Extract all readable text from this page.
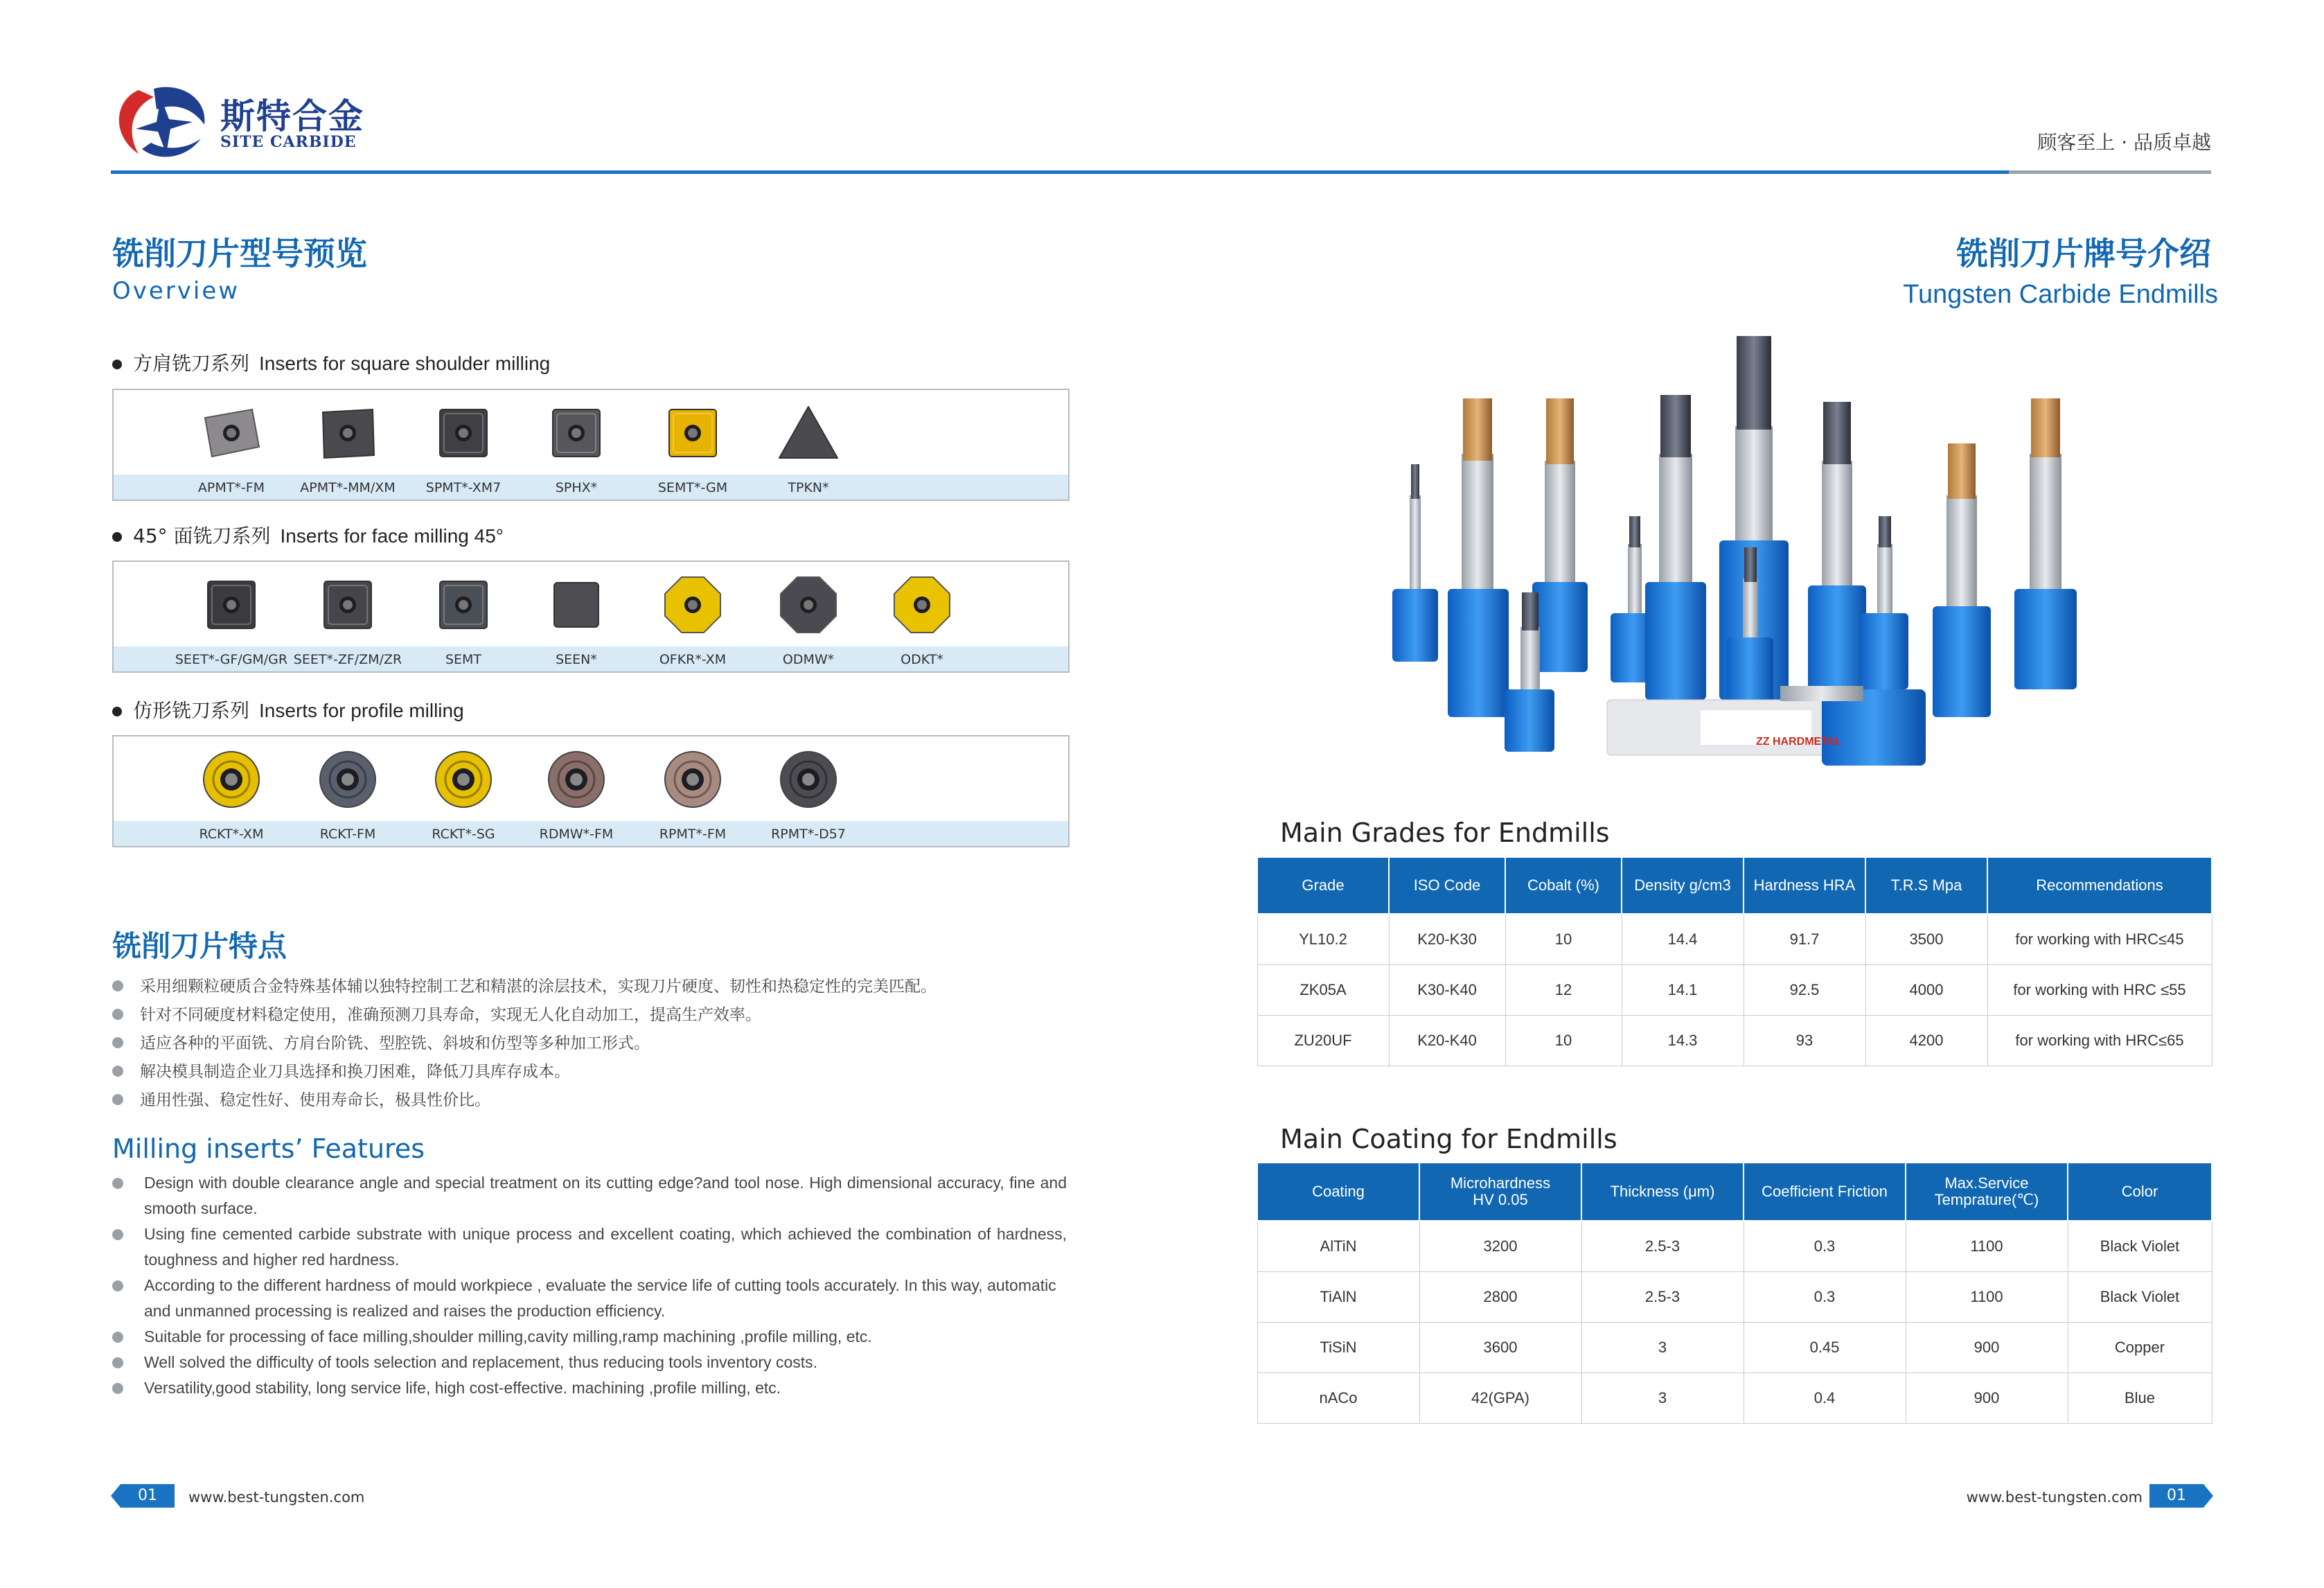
斯特合金
SITE CARBIDE	顾客至上 · 品质卓越
铣削刀片型号预览
Overview
方肩铣刀系列 Inserts for square shoulder milling
APMT*-FM	APMT*-MM/XM	SPMT*-XM7	SPHX*	SEMT*-GM	TPKN*
45° 面铣刀系列 Inserts for face milling 45°
SEET*-GF/GM/GR SEET*-ZF/ZM/ZR	SEMT	SEEN*	OFKR*-XM	ODMW*	ODKT*
仿形铣刀系列 Inserts for profile milling
RCKT*-XM	RCKT-FM	RCKT*-SG	RDMW*-FM	RPMT*-FM	RPMT*-D57
铣削刀片特点
采用细颗粒硬质合金特殊基体辅以独特控制工艺和精湛的涂层技术，实现刀片硬度、韧性和热稳定性的完美匹配。
针对不同硬度材料稳定使用，准确预测刀具寿命，实现无人化自动加工，提高生产效率。
适应各种的平面铣、方肩台阶铣、型腔铣、斜坡和仿型等多种加工形式。
解决模具制造企业刀具选择和换刀困难，降低刀具库存成本。
通用性强、稳定性好、使用寿命长，极具性价比。
Milling inserts’ Features
Design with double clearance angle and special treatment on its cutting edge?and tool nose. High dimensional accuracy, fine and smooth surface.
Using fine cemented carbide substrate with unique process and excellent coating, which achieved the combination of hardness, toughness and higher red hardness.
According to the different hardness of mould workpiece , evaluate the service life of cutting tools accurately. In this way, automatic and unmanned processing is realized and raises the production efficiency.
Suitable for processing of face milling,shoulder milling,cavity milling,ramp machining ,profile milling, etc.
Well solved the difficulty of tools selection and replacement, thus reducing tools inventory costs.
Versatility,good stability, long service life, high cost-effective. machining ,profile milling, etc.
铣削刀片牌号介绍
Tungsten Carbide Endmills
ZZ HARDMETAL
Main Grades for Endmills
Grade	ISO Code	Cobalt (%)	Density g/cm3	Hardness HRA	T.R.S Mpa	Recommendations
YL10.2	K20-K30	10	14.4	91.7	3500	for working with HRC≤45
ZK05A	K30-K40	12	14.1	92.5	4000	for working with HRC ≤55
ZU20UF	K20-K40	10	14.3	93	4200	for working with HRC≤65
Main Coating for Endmills
Coating	Microhardness HV 0.05	Thickness (μm)	Coefficient Friction	Max.Service Temprature(℃)	Color
AlTiN	3200	2.5-3	0.3	1100	Black Violet
TiAlN	2800	2.5-3	0.3	1100	Black Violet
TiSiN	3600	3	0.45	900	Copper
nACo	42(GPA)	3	0.4	900	Blue
01	www.best-tungsten.com	www.best-tungsten.com	01
